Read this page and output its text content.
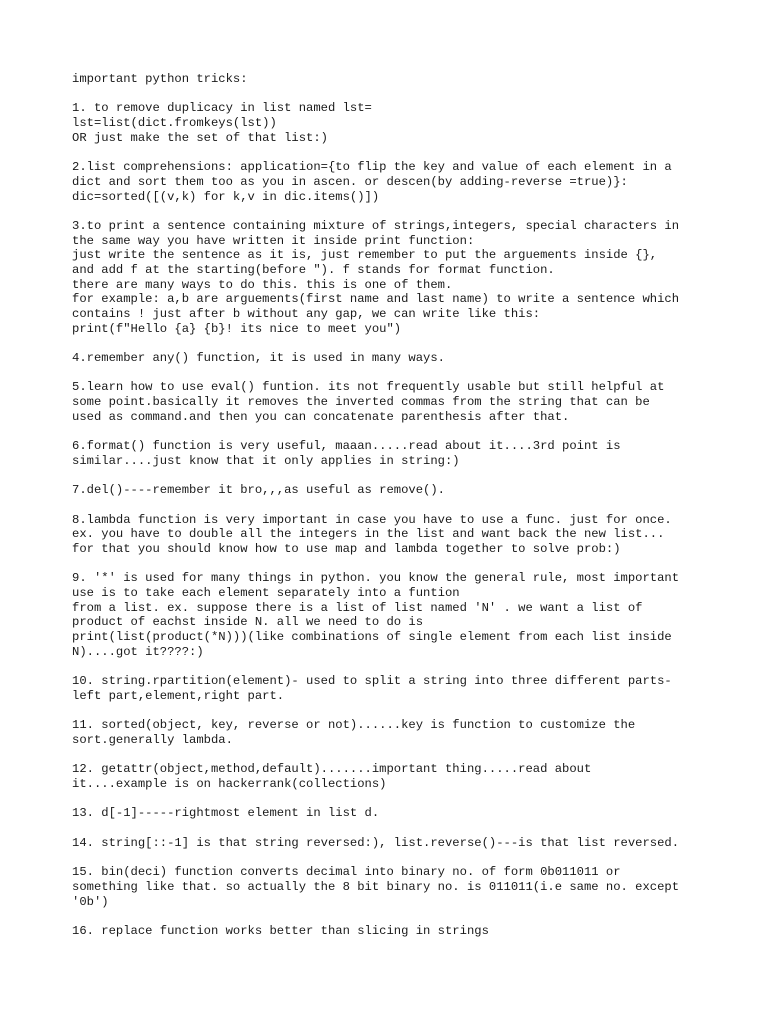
important python tricks:
1. to remove duplicacy in list named lst=
lst=list(dict.fromkeys(lst))
OR just make the set of that list:)
2.list comprehensions: application={to flip the key and value of each element in a
dict and sort them too as you in ascen. or descen(by adding-reverse =true)}:
dic=sorted([(v,k) for k,v in dic.items()])
3.to print a sentence containing mixture of strings,integers, special characters in
the same way you have written it inside print function:
just write the sentence as it is, just remember to put the arguements inside {},
and add f at the starting(before "). f stands for format function.
there are many ways to do this. this is one of them.
for example: a,b are arguements(first name and last name) to write a sentence which
contains ! just after b without any gap, we can write like this:
print(f"Hello {a} {b}! its nice to meet you")
4.remember any() function, it is used in many ways.
5.learn how to use eval() funtion. its not frequently usable but still helpful at
some point.basically it removes the inverted commas from the string that can be
used as command.and then you can concatenate parenthesis after that.
6.format() function is very useful, maaan.....read about it....3rd point is
similar....just know that it only applies in string:)
7.del()----remember it bro,,,as useful as remove().
8.lambda function is very important in case you have to use a func. just for once.
ex. you have to double all the integers in the list and want back the new list...
for that you should know how to use map and lambda together to solve prob:)
9. '*' is used for many things in python. you know the general rule, most important
use is to take each element separately into a funtion
from a list. ex. suppose there is a list of list named 'N' . we want a list of
product of eachst inside N. all we need to do is
print(list(product(*N)))(like combinations of single element from each list inside
N)....got it????:)
10. string.rpartition(element)- used to split a string into three different parts-
left part,element,right part.
11. sorted(object, key, reverse or not)......key is function to customize the
sort.generally lambda.
12. getattr(object,method,default).......important thing.....read about
it....example is on hackerrank(collections)
13. d[-1]-----rightmost element in list d.
14. string[::-1] is that string reversed:), list.reverse()---is that list reversed.
15. bin(deci) function converts decimal into binary no. of form 0b011011 or
something like that. so actually the 8 bit binary no. is 011011(i.e same no. except
'0b')
16. replace function works better than slicing in strings
